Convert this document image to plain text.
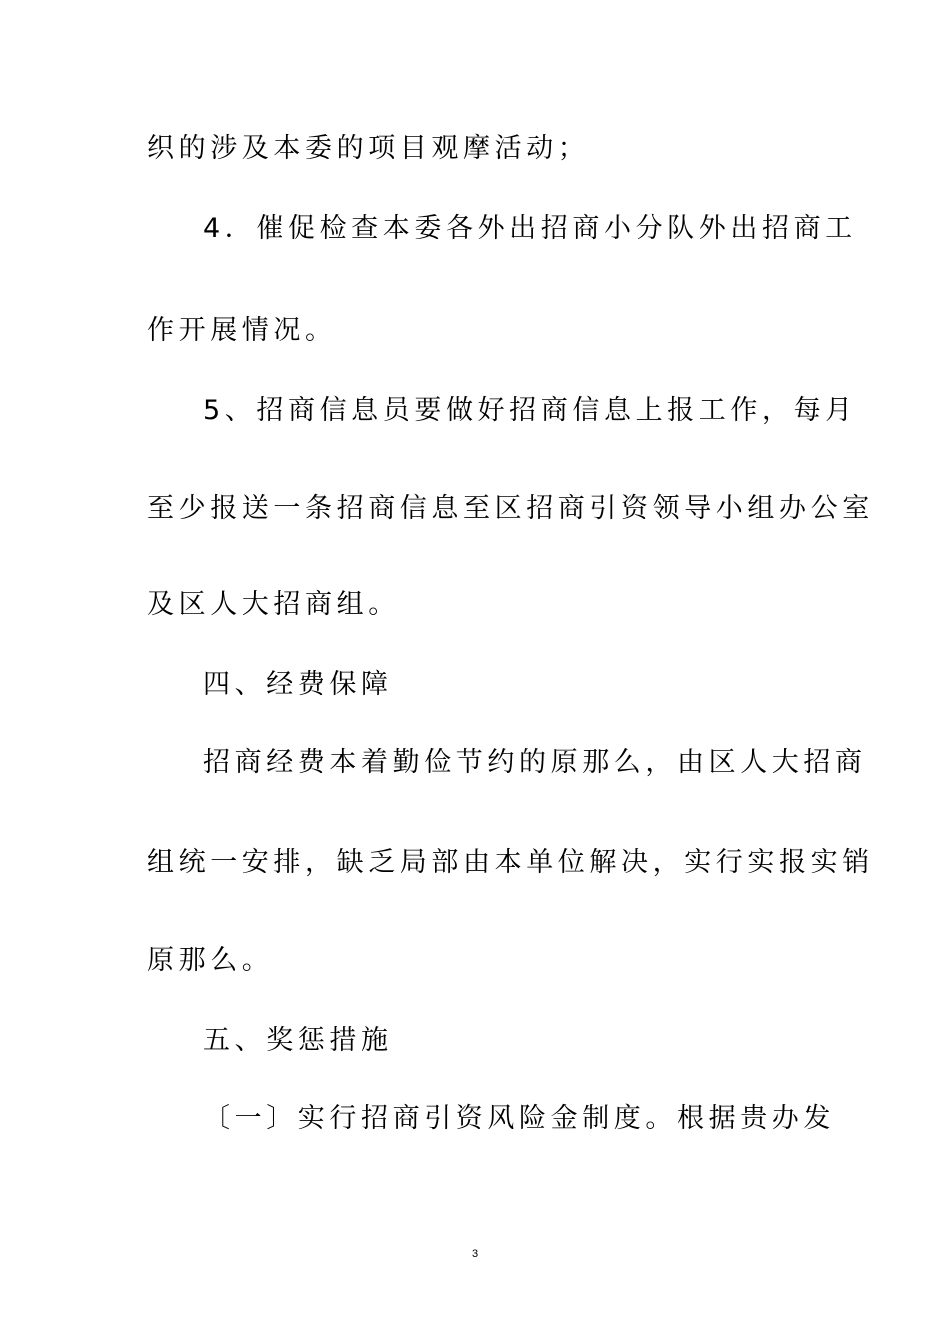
织的涉及本委的项目观摩活动；
4．催促检查本委各外出招商小分队外出招商工
作开展情况。
5、招商信息员要做好招商信息上报工作，每月
至少报送一条招商信息至区招商引资领导小组办公室
及区人大招商组。
四、经费保障
招商经费本着勤俭节约的原那么，由区人大招商
组统一安排，缺乏局部由本单位解决，实行实报实销
原那么。
五、奖惩措施
〔一〕实行招商引资风险金制度。根据贵办发
3
